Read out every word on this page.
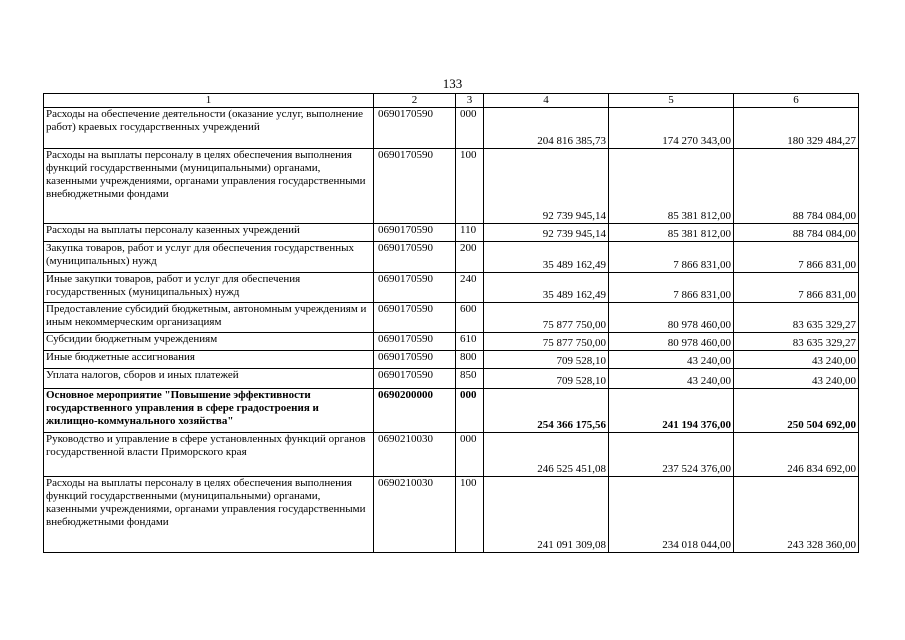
133
1	2	3	4	5	6
Расходы на обеспечение деятельности (оказание услуг, выполнение работ) краевых государственных учреждений	0690170590	000	204 816 385,73	174 270 343,00	180 329 484,27
Расходы на выплаты персоналу в целях обеспечения выполнения функций государственными (муниципальными) органами, казенными учреждениями, органами управления государственными внебюджетными фондами	0690170590	100	92 739 945,14	85 381 812,00	88 784 084,00
Расходы на выплаты персоналу казенных учреждений	0690170590	110	92 739 945,14	85 381 812,00	88 784 084,00
Закупка товаров, работ и услуг для обеспечения государственных (муниципальных) нужд	0690170590	200	35 489 162,49	7 866 831,00	7 866 831,00
Иные закупки товаров, работ и услуг для обеспечения государственных (муниципальных) нужд	0690170590	240	35 489 162,49	7 866 831,00	7 866 831,00
Предоставление субсидий бюджетным, автономным учреждениям и иным некоммерческим организациям	0690170590	600	75 877 750,00	80 978 460,00	83 635 329,27
Субсидии бюджетным учреждениям	0690170590	610	75 877 750,00	80 978 460,00	83 635 329,27
Иные бюджетные ассигнования	0690170590	800	709 528,10	43 240,00	43 240,00
Уплата налогов, сборов и иных платежей	0690170590	850	709 528,10	43 240,00	43 240,00
Основное мероприятие "Повышение эффективности государственного управления в сфере градостроения и жилищно-коммунального хозяйства"	0690200000	000	254 366 175,56	241 194 376,00	250 504 692,00
Руководство и управление в сфере установленных функций органов государственной власти Приморского края	0690210030	000	246 525 451,08	237 524 376,00	246 834 692,00
Расходы на выплаты персоналу в целях обеспечения выполнения функций государственными (муниципальными) органами, казенными учреждениями, органами управления государственными внебюджетными фондами	0690210030	100	241 091 309,08	234 018 044,00	243 328 360,00
